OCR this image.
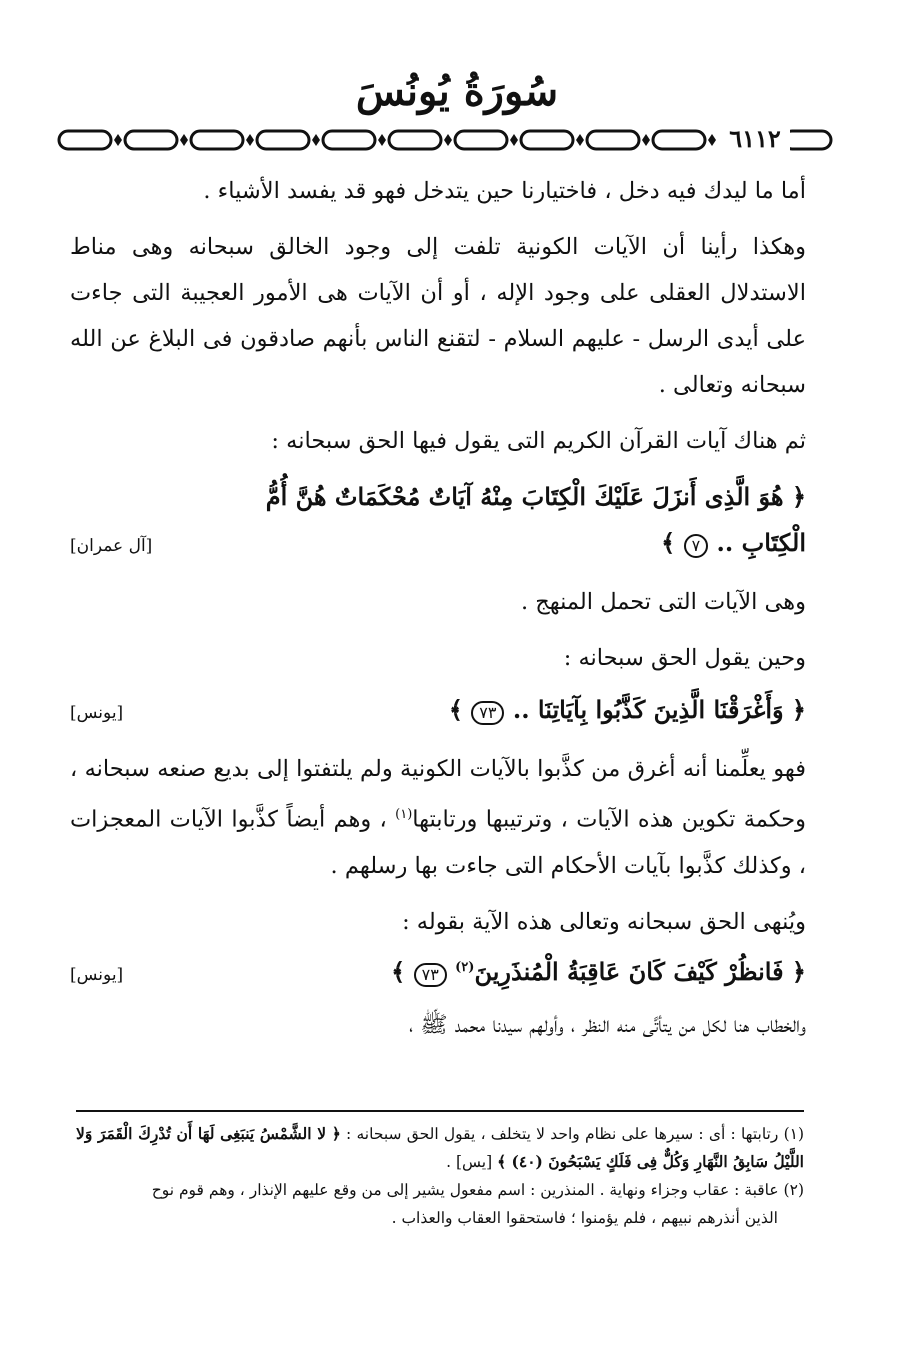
سُورَةُ يُونُسَ
٦١١٢

أما ما ليدك فيه دخل ، فاختيارنا حين يتدخل فهو قد يفسد الأشياء .

وهكذا رأينا أن الآيات الكونية تلفت إلى وجود الخالق سبحانه وهى مناط الاستدلال العقلى على وجود الإله ، أو أن الآيات هى الأمور العجيبة التى جاءت على أيدى الرسل - عليهم السلام - لتقنع الناس بأنهم صادقون فى البلاغ عن الله سبحانه وتعالى .

ثم هناك آيات القرآن الكريم التى يقول فيها الحق سبحانه :

﴿ هُوَ الَّذِى أَنزَلَ عَلَيْكَ الْكِتَابَ مِنْهُ آيَاتٌ مُحْكَمَاتٌ هُنَّ أُمُّ

الْكِتَابِ .. ٧ ﴾
[آل عمران]

وهى الآيات التى تحمل المنهج .

وحين يقول الحق سبحانه :

﴿ وَأَغْرَقْنَا الَّذِينَ كَذَّبُوا بِآيَاتِنَا .. ٧٣ ﴾
[يونس]

فهو يعلِّمنا أنه أغرق من كذَّبوا بالآيات الكونية ولم يلتفتوا إلى بديع صنعه سبحانه ، وحكمة تكوين هذه الآيات ، وترتيبها ورتابتها$^{(١)}$ ، وهم أيضاً كذَّبوا الآيات المعجزات ، وكذلك كذَّبوا بآيات الأحكام التى جاءت بها رسلهم .

ويُنهى الحق سبحانه وتعالى هذه الآية بقوله :

﴿ فَانظُرْ كَيْفَ كَانَ عَاقِبَةُ الْمُنذَرِينَ$^{(٢)}$ ٧٣ ﴾
[يونس]

والخطاب هنا لكل من يتأتَّى منه النظر ، وأولهم سيدنا محمد ﷺ ،

(١) رتابتها : أى : سيرها على نظام واحد لا يتخلف ، يقول الحق سبحانه : ﴿ لا الشَّمْسُ يَنبَغِى لَهَا أَن تُدْرِكَ الْقَمَرَ وَلا اللَّيْلُ سَابِقُ النَّهَارِ وَكُلٌّ فِى فَلَكٍ يَسْبَحُونَ (٤٠) ﴾ [يس] .

(٢) عاقبة : عقاب وجزاء ونهاية . المنذرين : اسم مفعول يشير إلى من وقع عليهم الإنذار ، وهم قوم نوح

الذين أنذرهم نبيهم ، فلم يؤمنوا ؛ فاستحقوا العقاب والعذاب .
